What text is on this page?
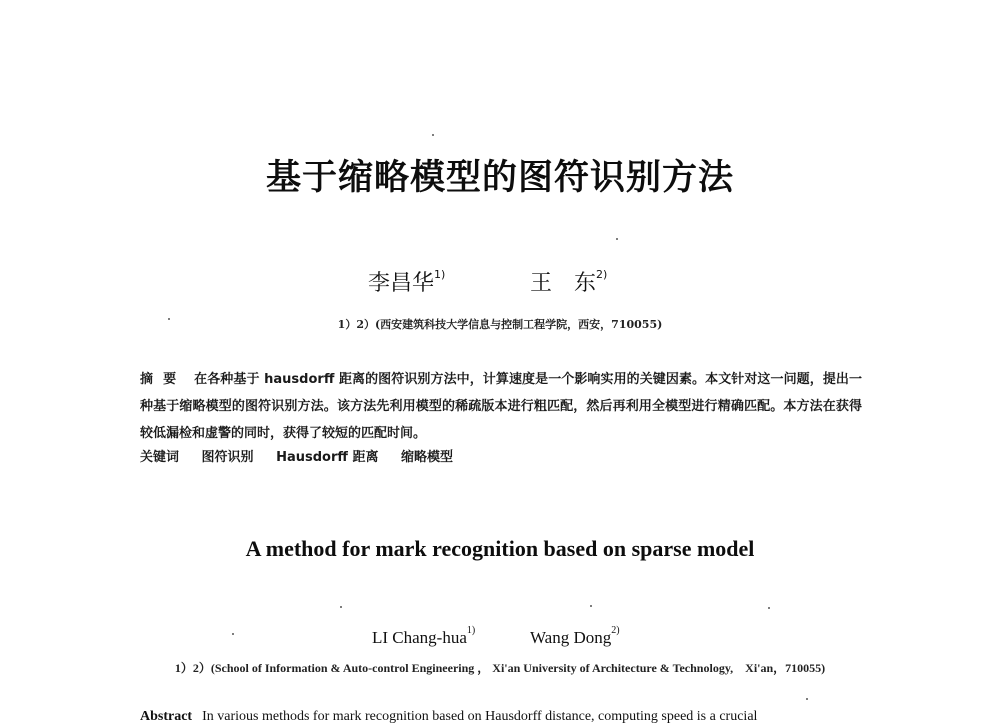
基于缩略模型的图符识别方法
李昌华$^{1)}$	王　东$^{2)}$
1）2）(西安建筑科技大学信息与控制工程学院，西安，710055)
摘要 在各种基于 hausdorff 距离的图符识别方法中，计算速度是一个影响实用的关键因素。本文针对这一问题，提出一种基于缩略模型的图符识别方法。该方法先利用模型的稀疏版本进行粗匹配，然后再利用全模型进行精确匹配。本方法在获得较低漏检和虚警的同时，获得了较短的匹配时间。
关键词 图符识别 Hausdorff 距离 缩略模型
A method for mark recognition based on sparse model
LI Chang-hua$^{1)}$	Wang Dong$^{2)}$
1）2）(School of Information & Auto-control Engineering ， Xi'an University of Architecture & Technology,　Xi'an，710055)
Abstract In various methods for mark recognition based on Hausdorff distance, computing speed is a crucial
